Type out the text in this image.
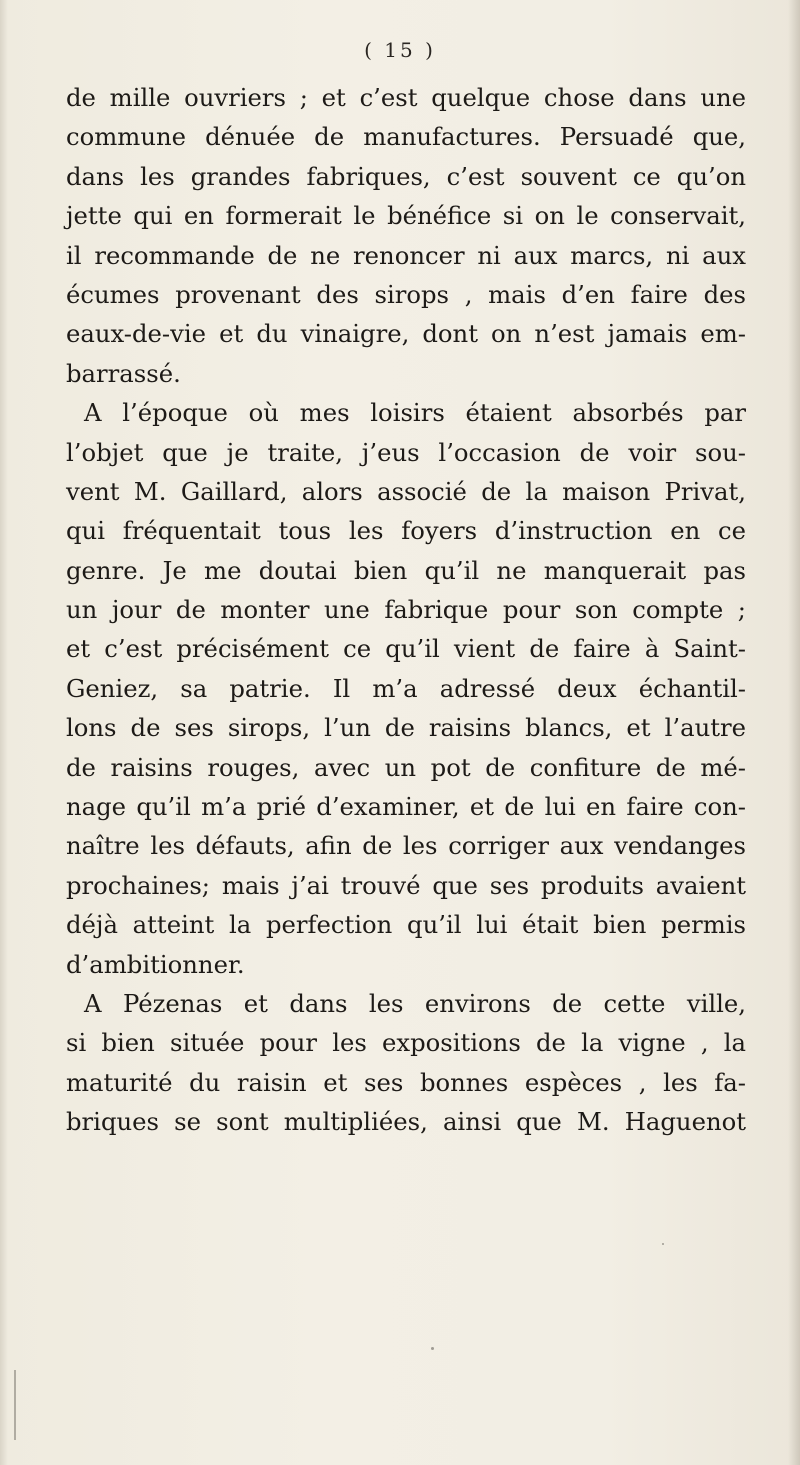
( 15 )
de mille ouvriers ; et c’est quelque chose dans une
commune dénuée de manufactures. Persuadé que,
dans les grandes fabriques, c’est souvent ce qu’on
jette qui en formerait le bénéfice si on le conservait,
il recommande de ne renoncer ni aux marcs, ni aux
écumes provenant des sirops , mais d’en faire des
eaux-de-vie et du vinaigre, dont on n’est jamais em-
barrassé.
A l’époque où mes loisirs étaient absorbés par
l’objet que je traite, j’eus l’occasion de voir sou-
vent M. Gaillard, alors associé de la maison Privat,
qui fréquentait tous les foyers d’instruction en ce
genre. Je me doutai bien qu’il ne manquerait pas
un jour de monter une fabrique pour son compte ;
et c’est précisément ce qu’il vient de faire à Saint-
Geniez, sa patrie. Il m’a adressé deux échantil-
lons de ses sirops, l’un de raisins blancs, et l’autre
de raisins rouges, avec un pot de confiture de mé-
nage qu’il m’a prié d’examiner, et de lui en faire con-
naître les défauts, afin de les corriger aux vendanges
prochaines; mais j’ai trouvé que ses produits avaient
déjà atteint la perfection qu’il lui était bien permis
d’ambitionner.
A Pézenas et dans les environs de cette ville,
si bien située pour les expositions de la vigne , la
maturité du raisin et ses bonnes espèces , les fa-
briques se sont multipliées, ainsi que M. Haguenot
